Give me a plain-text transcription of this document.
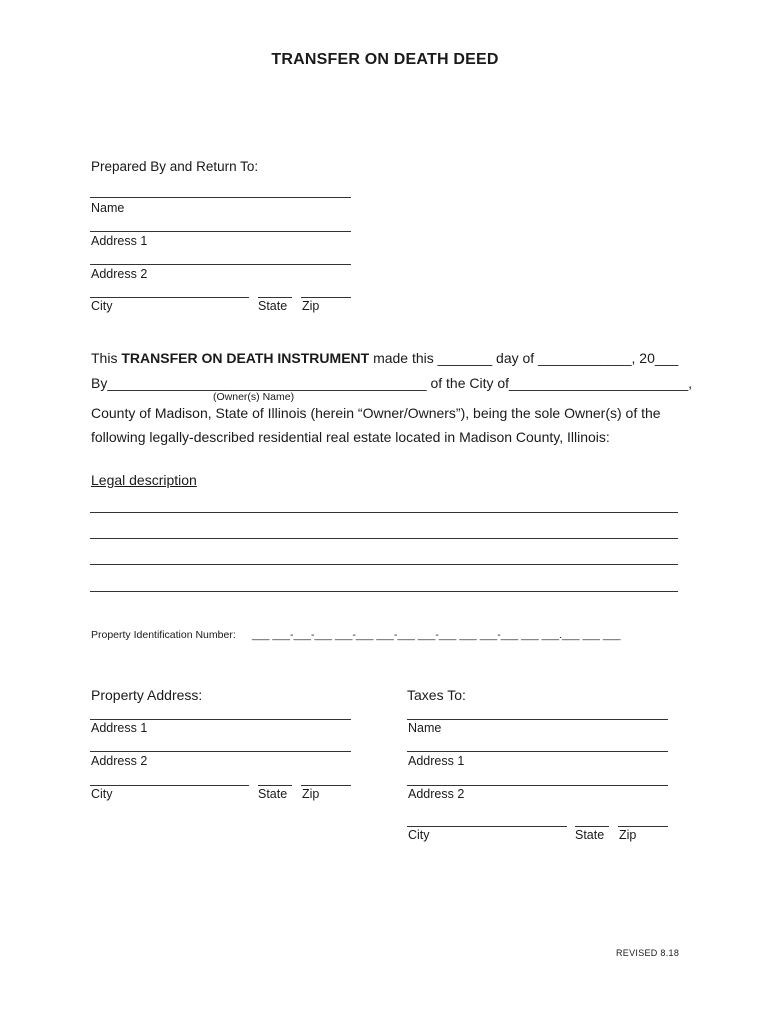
TRANSFER ON DEATH DEED
Prepared By and Return To:
Name
Address 1
Address 2
City	State Zip
This TRANSFER ON DEATH INSTRUMENT made this _______ day of ____________, 20___
By_________________________________________ of the City of_______________________,
(Owner(s) Name)
County of Madison, State of Illinois (herein “Owner/Owners”), being the sole Owner(s) of the
following legally-described residential real estate located in Madison County, Illinois:
Legal description
Property Identification Number: ___ ___-___-___ ___-___ ___-___ ___-___ ___ ___-___ ___ ___.___ ___ ___
Property Address:
Address 1
Address 2
City	State Zip
Taxes To:
Name
Address 1
Address 2
City	State Zip
REVISED 8.18
